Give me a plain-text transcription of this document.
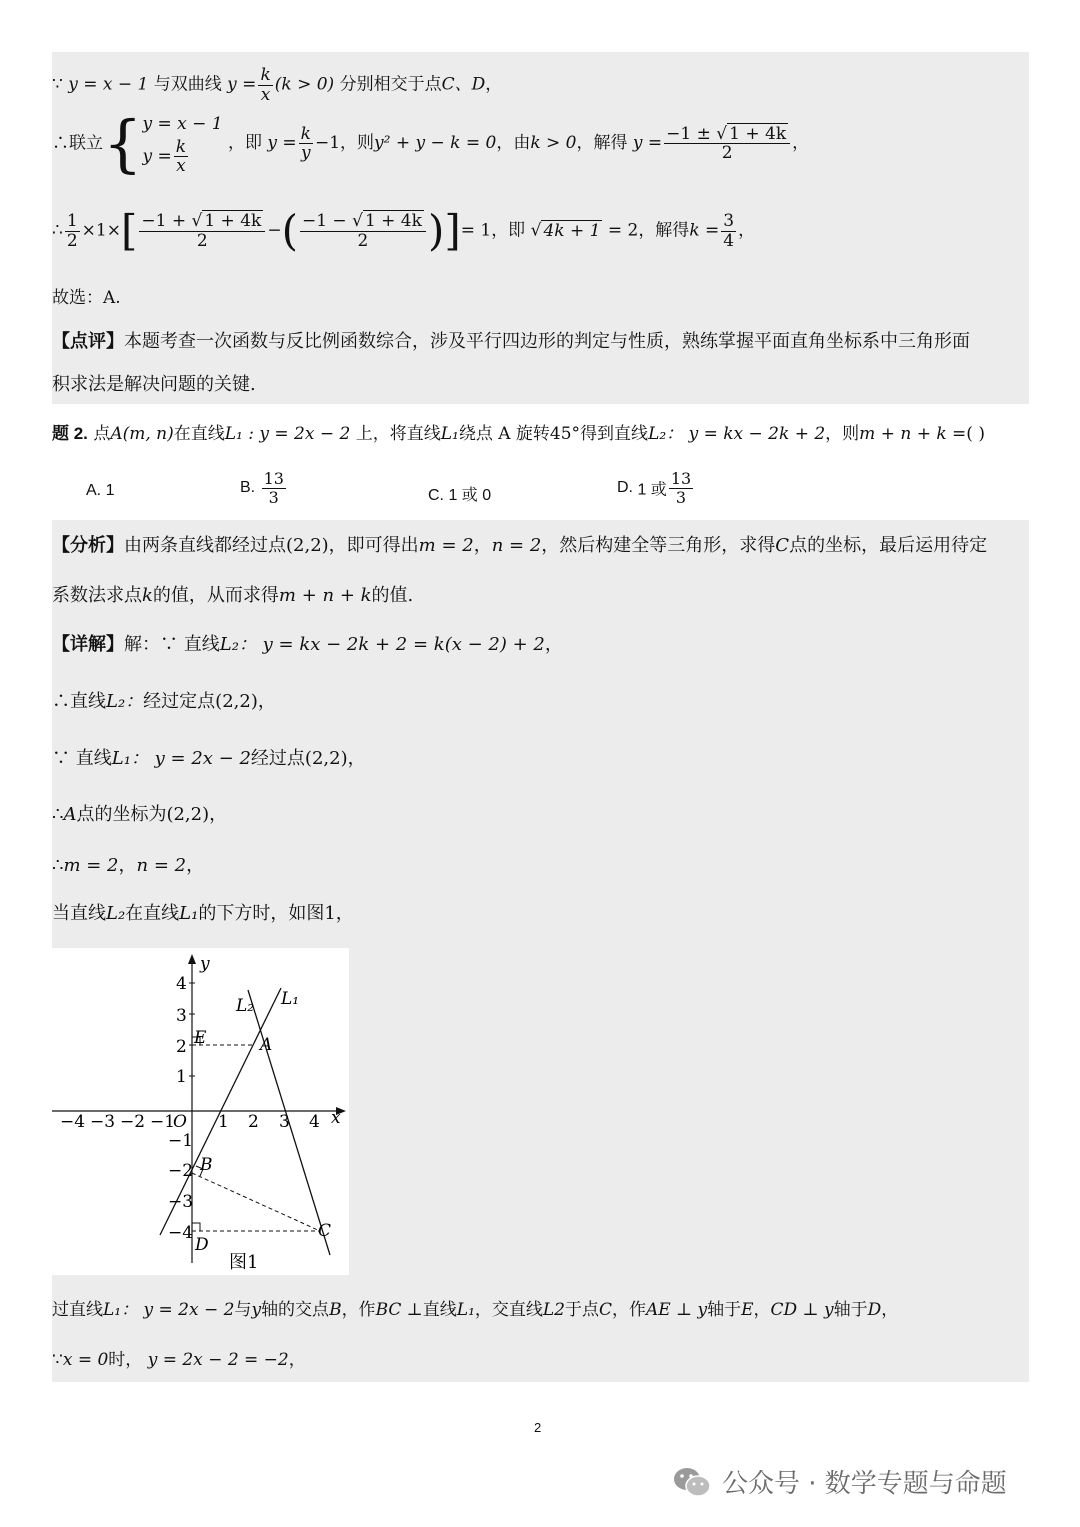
∵ y = x − 1 与双曲线 $y = \frac{k}{x} (k > 0)$ 分别相交于点C、D，
∴联立{ y = x − 1
$y = \frac{k}{x}$ ，即 $y = \frac{k}{y} -1$，则y² + y − k = 0，由k > 0，解得 $y = \frac{-1 \pm √ 1 + 4k}{2}$ ，
∴ $\frac{1}{2} \times 1\times[ \frac{-1 + √ 1 + 4k}{2}$ −( $\frac{-1 - √ 1 + 4k}{2}$ )]= 1，即 √ 4k + 1 = 2，解得$k = \frac{3}{4}$ ，
故选：A.
【点评】本题考查一次函数与反比例函数综合，涉及平行四边形的判定与性质，熟练掌握平面直角坐标系中三角形面
积求法是解决问题的关键.
题 2. 点A(m, n)在直线L₁ : y = 2x − 2 上，将直线L₁绕点 A 旋转45°得到直线L₂： y = kx − 2k + 2，则m + n + k =( )
A. 1	B. $\frac{13}{3}$	C. 1 或 0	D. 1 或 $\frac{13}{3}$
【分析】由两条直线都经过点(2,2)，即可得出m = 2，n = 2，然后构建全等三角形，求得C点的坐标，最后运用待定
系数法求点k的值，从而求得m + n + k的值.
【详解】解：∵ 直线L₂： y = kx − 2k + 2 = k(x − 2) + 2，
∴直线L₂：经过定点(2,2)，
∵ 直线L₁： y = 2x − 2经过点(2,2)，
∴A点的坐标为(2,2)，
∴m = 2，n = 2，
当直线L₂在直线L₁的下方时，如图1，
−4 −3 −2 −1
O 1 2 3 4 x
y
4
3
2
1
−1
−2
−3
−4
E	A
B
C
D
L₂ L₁
图1
过直线L₁： y = 2x − 2与y轴的交点B，作BC ⊥直线L₁，交直线L2于点C，作AE ⊥ y轴于E，CD ⊥ y轴于D，
∵x = 0时， y = 2x − 2 = −2，
2
公众号 · 数学专题与命题
